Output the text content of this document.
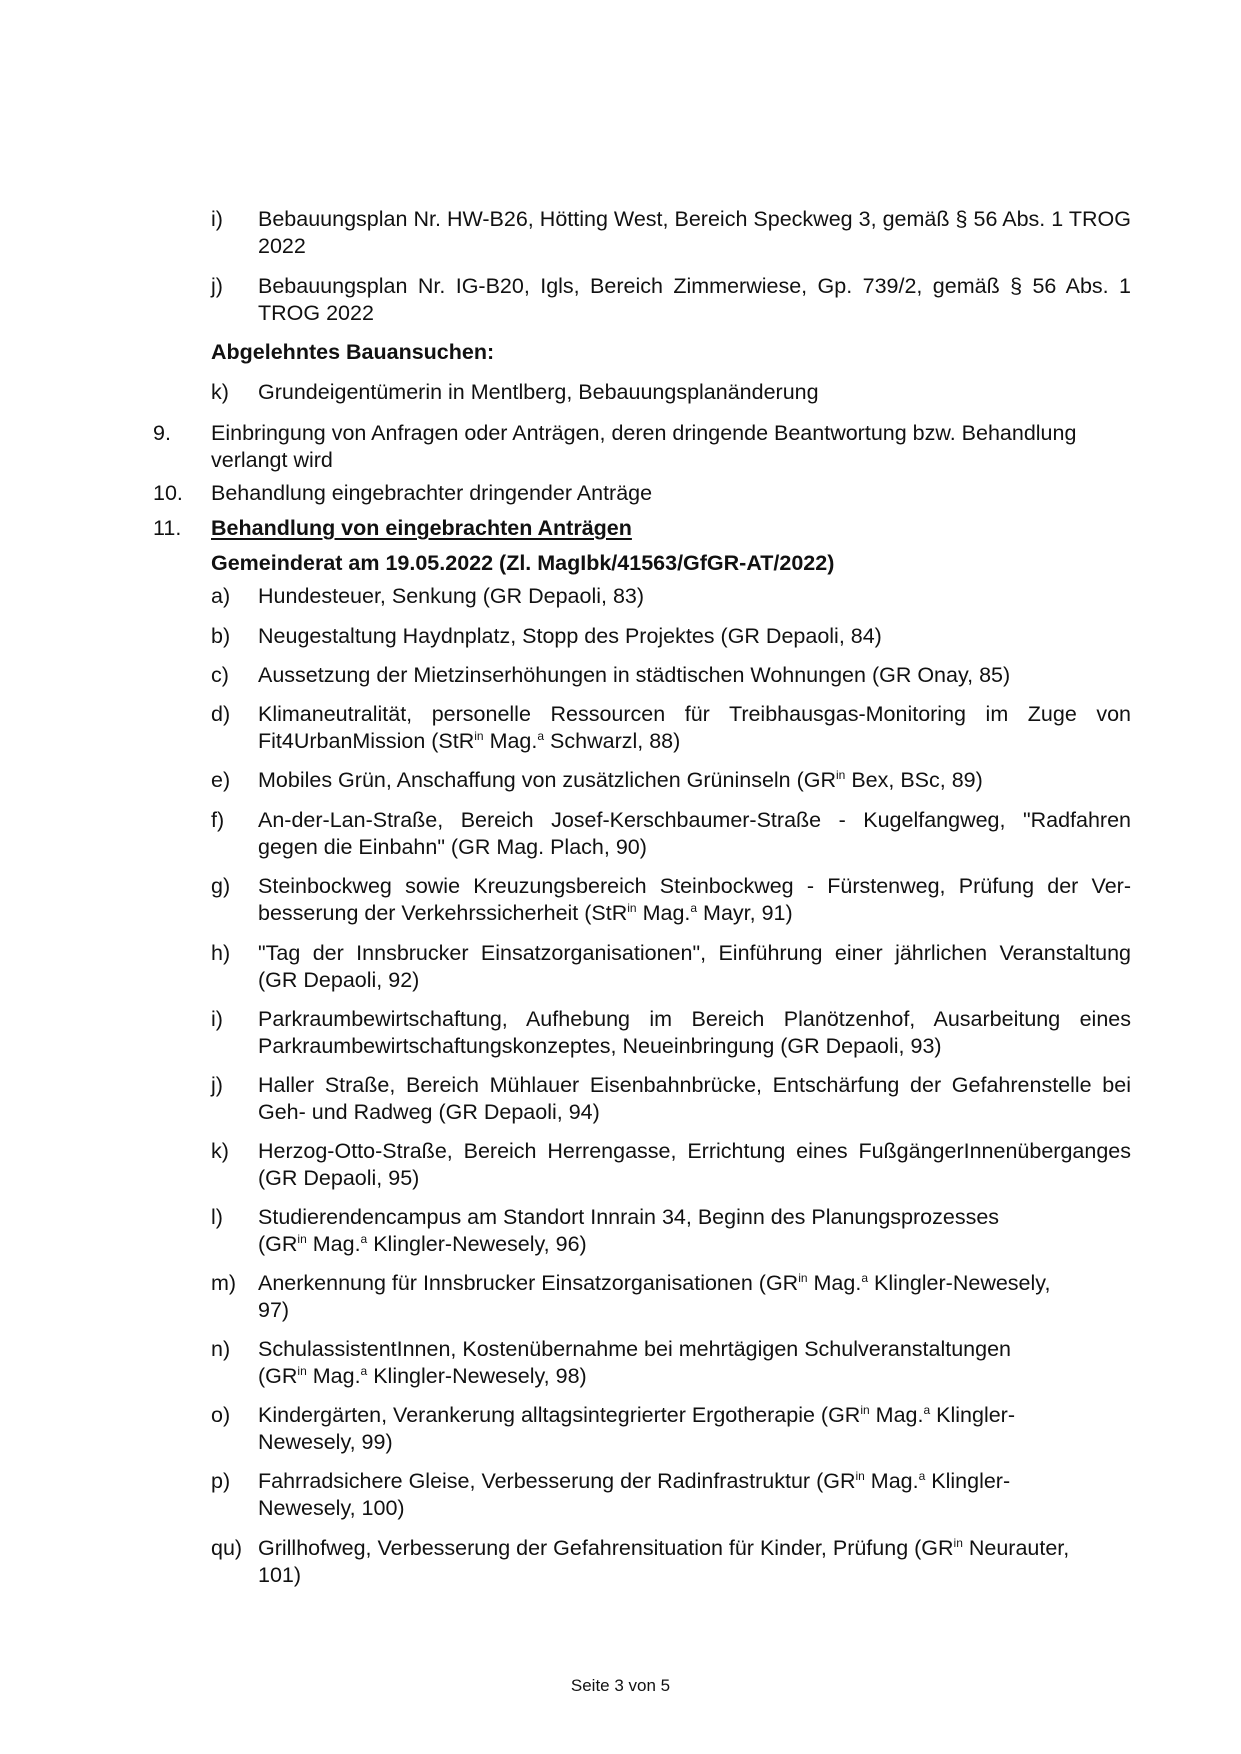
i) Bebauungsplan Nr. HW-B26, Hötting West, Bereich Speckweg 3, gemäß § 56 Abs. 1 TROG 2022
j) Bebauungsplan Nr. IG-B20, Igls, Bereich Zimmerwiese, Gp. 739/2, gemäß § 56 Abs. 1 TROG 2022
Abgelehntes Bauansuchen:
k) Grundeigentümerin in Mentlberg, Bebauungsplanänderung
9. Einbringung von Anfragen oder Anträgen, deren dringende Beantwortung bzw. Behandlung verlangt wird
10. Behandlung eingebrachter dringender Anträge
11. Behandlung von eingebrachten Anträgen
Gemeinderat am 19.05.2022 (Zl. MagIbk/41563/GfGR-AT/2022)
a) Hundesteuer, Senkung (GR Depaoli, 83)
b) Neugestaltung Haydnplatz, Stopp des Projektes (GR Depaoli, 84)
c) Aussetzung der Mietzinserhöhungen in städtischen Wohnungen (GR Onay, 85)
d) Klimaneutralität, personelle Ressourcen für Treibhausgas-Monitoring im Zuge von Fit4UrbanMission (StR$^{in}$ Mag.$^a$ Schwarzl, 88)
e) Mobiles Grün, Anschaffung von zusätzlichen Grüninseln ($GR^{in}$ Bex, BSc, 89)
f) An-der-Lan-Straße, Bereich Josef-Kerschbaumer-Straße - Kugelfangweg, "Radfahren gegen die Einbahn" (GR Mag. Plach, 90)
g) Steinbockweg sowie Kreuzungsbereich Steinbockweg - Fürstenweg, Prüfung der Verbesserung der Verkehrssicherheit (StR$^{in}$ Mag.$^a$ Mayr, 91)
h) "Tag der Innsbrucker Einsatzorganisationen", Einführung einer jährlichen Veranstaltung (GR Depaoli, 92)
i) Parkraumbewirtschaftung, Aufhebung im Bereich Planötzenhof, Ausarbeitung eines Parkraumbewirtschaftungskonzeptes, Neueinbringung (GR Depaoli, 93)
j) Haller Straße, Bereich Mühlauer Eisenbahnbrücke, Entschärfung der Gefahrenstelle bei Geh- und Radweg (GR Depaoli, 94)
k) Herzog-Otto-Straße, Bereich Herrengasse, Errichtung eines FußgängerInnenüberganges (GR Depaoli, 95)
l) Studierendencampus am Standort Innrain 34, Beginn des Planungsprozesses
($GR^{in}$ Mag.$^a$ Klingler-Newesely, 96)
m) Anerkennung für Innsbrucker Einsatzorganisationen ($GR^{in}$ Mag.$^a$ Klingler-Newesely,
97)
n) SchulassistentInnen, Kostenübernahme bei mehrtägigen Schulveranstaltungen
($GR^{in}$ Mag.$^a$ Klingler-Newesely, 98)
o) Kindergärten, Verankerung alltagsintegrierter Ergotherapie ($GR^{in}$ Mag.$^a$ Klingler-
Newesely, 99)
p) Fahrradsichere Gleise, Verbesserung der Radinfrastruktur ($GR^{in}$ Mag.$^a$ Klingler-
Newesely, 100)
qu) Grillhofweg, Verbesserung der Gefahrensituation für Kinder, Prüfung ($GR^{in}$ Neurauter,
101)
Seite 3 von 5
